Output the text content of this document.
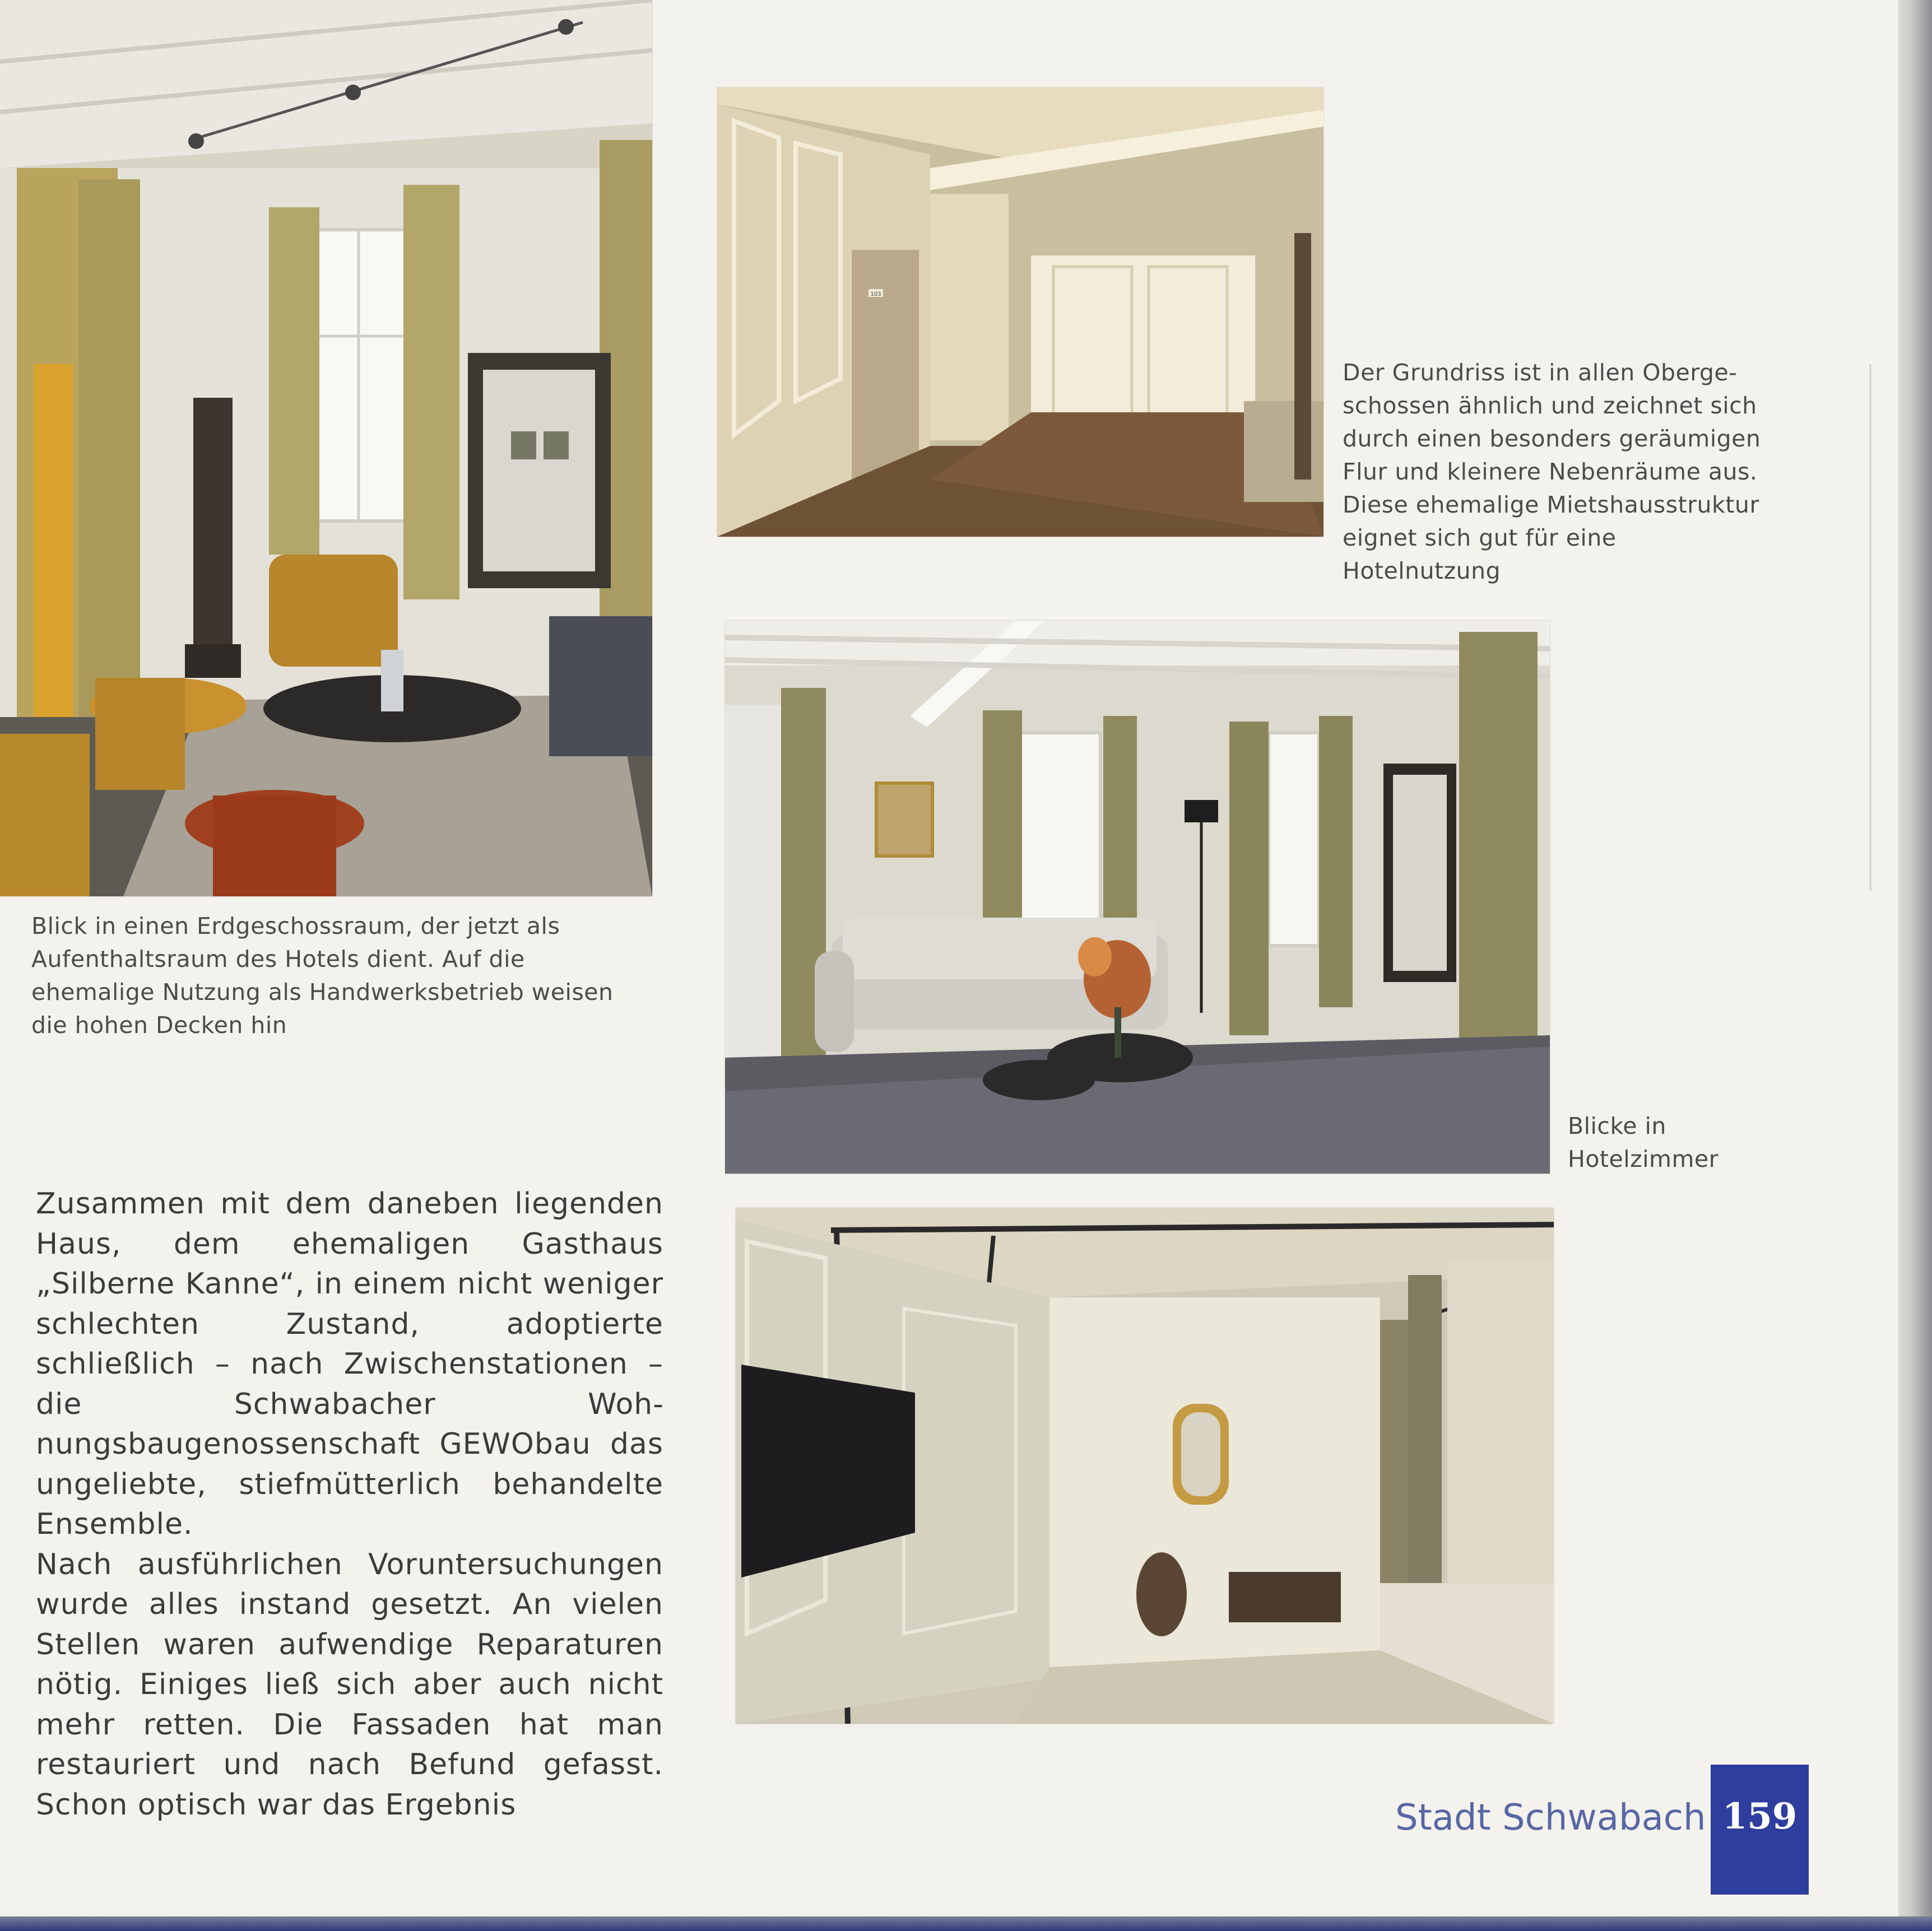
103

Der Grundriss ist in allen Obergeschossen ähnlich und zeichnet sich durch einen besonders geräumigen Flur und kleinere Nebenräume aus. Diese ehemalige Mietshausstruktur eignet sich gut für eine Hotelnutzung

Blicke in Hotelzimmer

Blick in einen Erdgeschossraum, der jetzt als Aufenthaltsraum des Hotels dient. Auf die ehemalige Nutzung als Handwerksbetrieb weisen die hohen Decken hin

Zusammen mit dem daneben liegenden Haus, dem ehemaligen Gasthaus „Silberne Kanne“, in einem nicht weniger schlechten Zustand, adoptierte schließlich – nach Zwischenstationen – die Schwabacher Wohnungsbaugenossenschaft GEWObau das ungeliebte, stiefmütterlich behandelte Ensemble.

Nach ausführlichen Voruntersuchungen wurde alles instand gesetzt. An vielen Stellen waren aufwendige Reparaturen nötig. Einiges ließ sich aber auch nicht mehr retten. Die Fassaden hat man restauriert und nach Befund gefasst. Schon optisch war das Ergebnis	Stadt Schwabach 159
